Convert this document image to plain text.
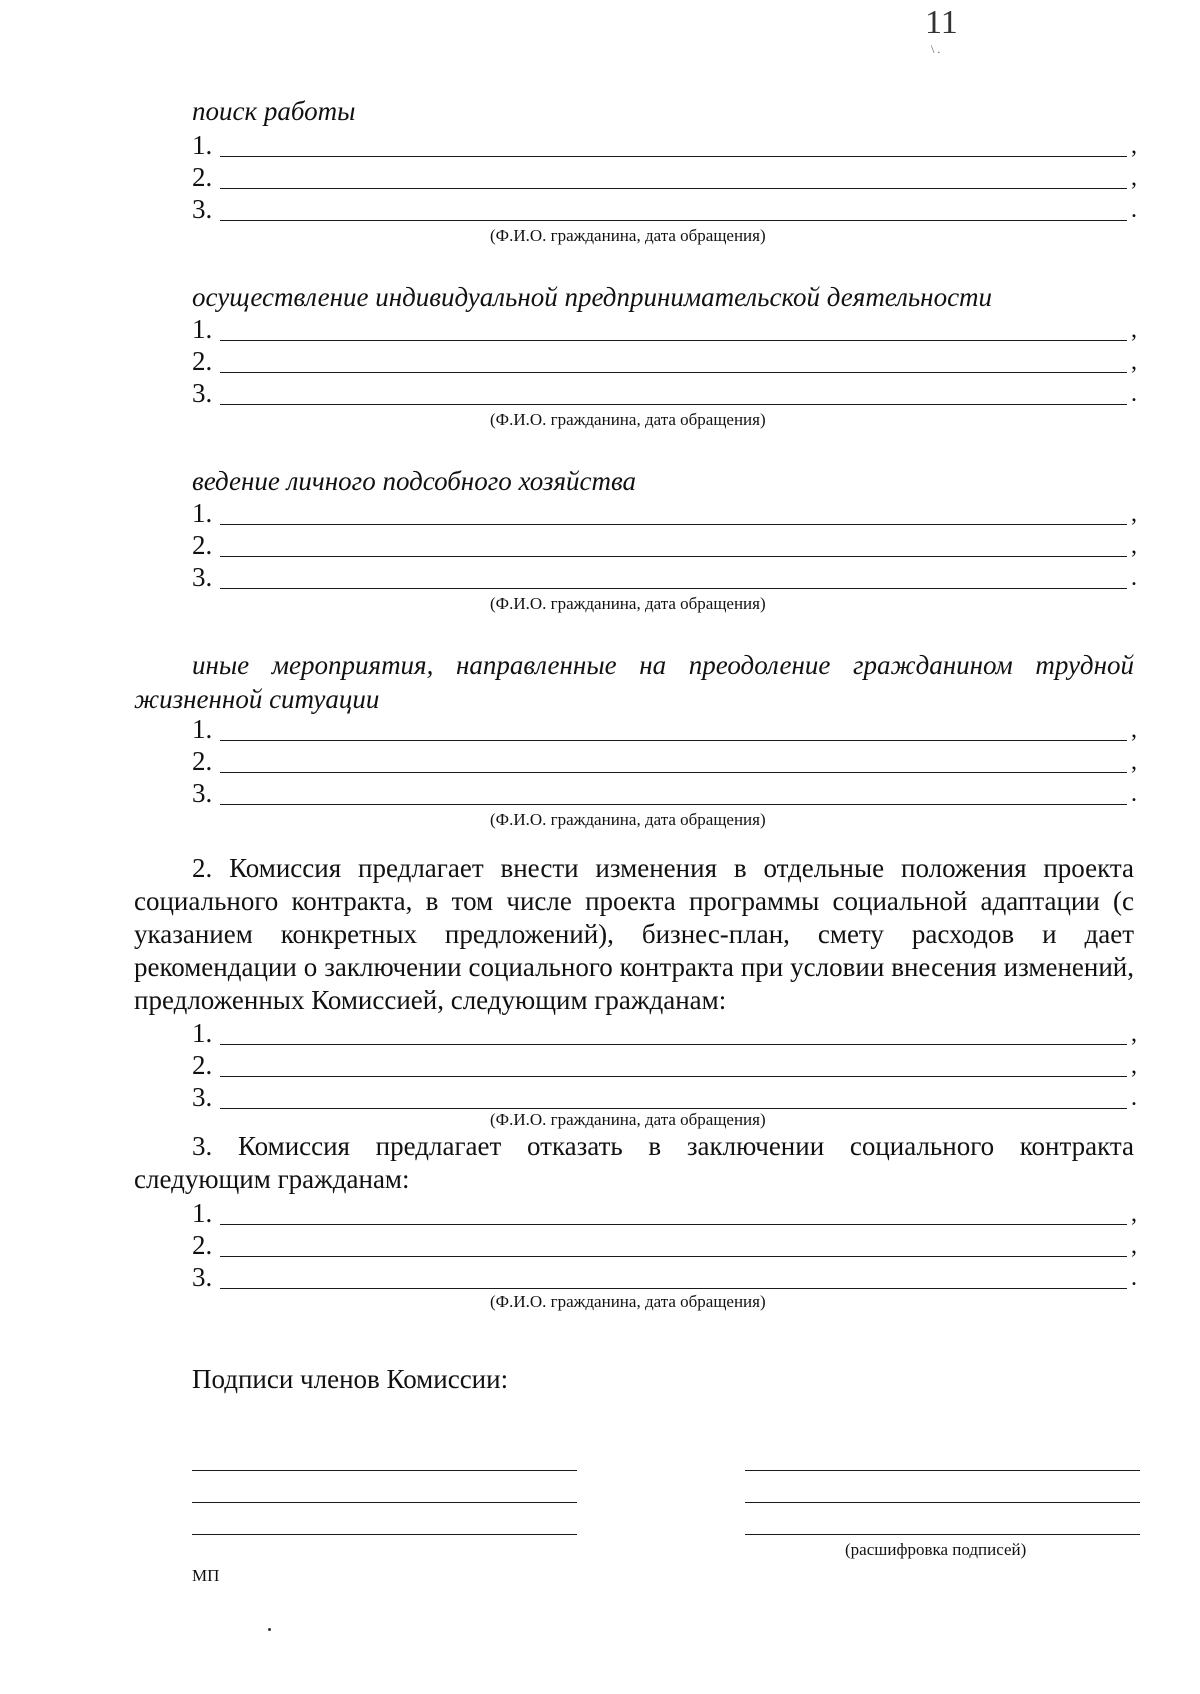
11
\ .
поиск работы
1.	,
2.	,
3.	.
(Ф.И.О. гражданина, дата обращения)
осуществление индивидуальной предпринимательской деятельности
1.	,
2.	,
3.	.
(Ф.И.О. гражданина, дата обращения)
ведение личного подсобного хозяйства
1.	,
2.	,
3.	.
(Ф.И.О. гражданина, дата обращения)
иные мероприятия, направленные на преодоление гражданином трудной жизненной ситуации
1.	,
2.	,
3.	.
(Ф.И.О. гражданина, дата обращения)
2. Комиссия предлагает внести изменения в отдельные положения проекта социального контракта, в том числе проекта программы социальной адаптации (с указанием конкретных предложений), бизнес-план, смету расходов и дает рекомендации о заключении социального контракта при условии внесения изменений, предложенных Комиссией, следующим гражданам:
1.	,
2.	,
3.	.
(Ф.И.О. гражданина, дата обращения)
3. Комиссия предлагает отказать в заключении социального контракта следующим гражданам:
1.	,
2.	,
3.	.
(Ф.И.О. гражданина, дата обращения)
Подписи членов Комиссии:
(расшифровка подписей)
МП
